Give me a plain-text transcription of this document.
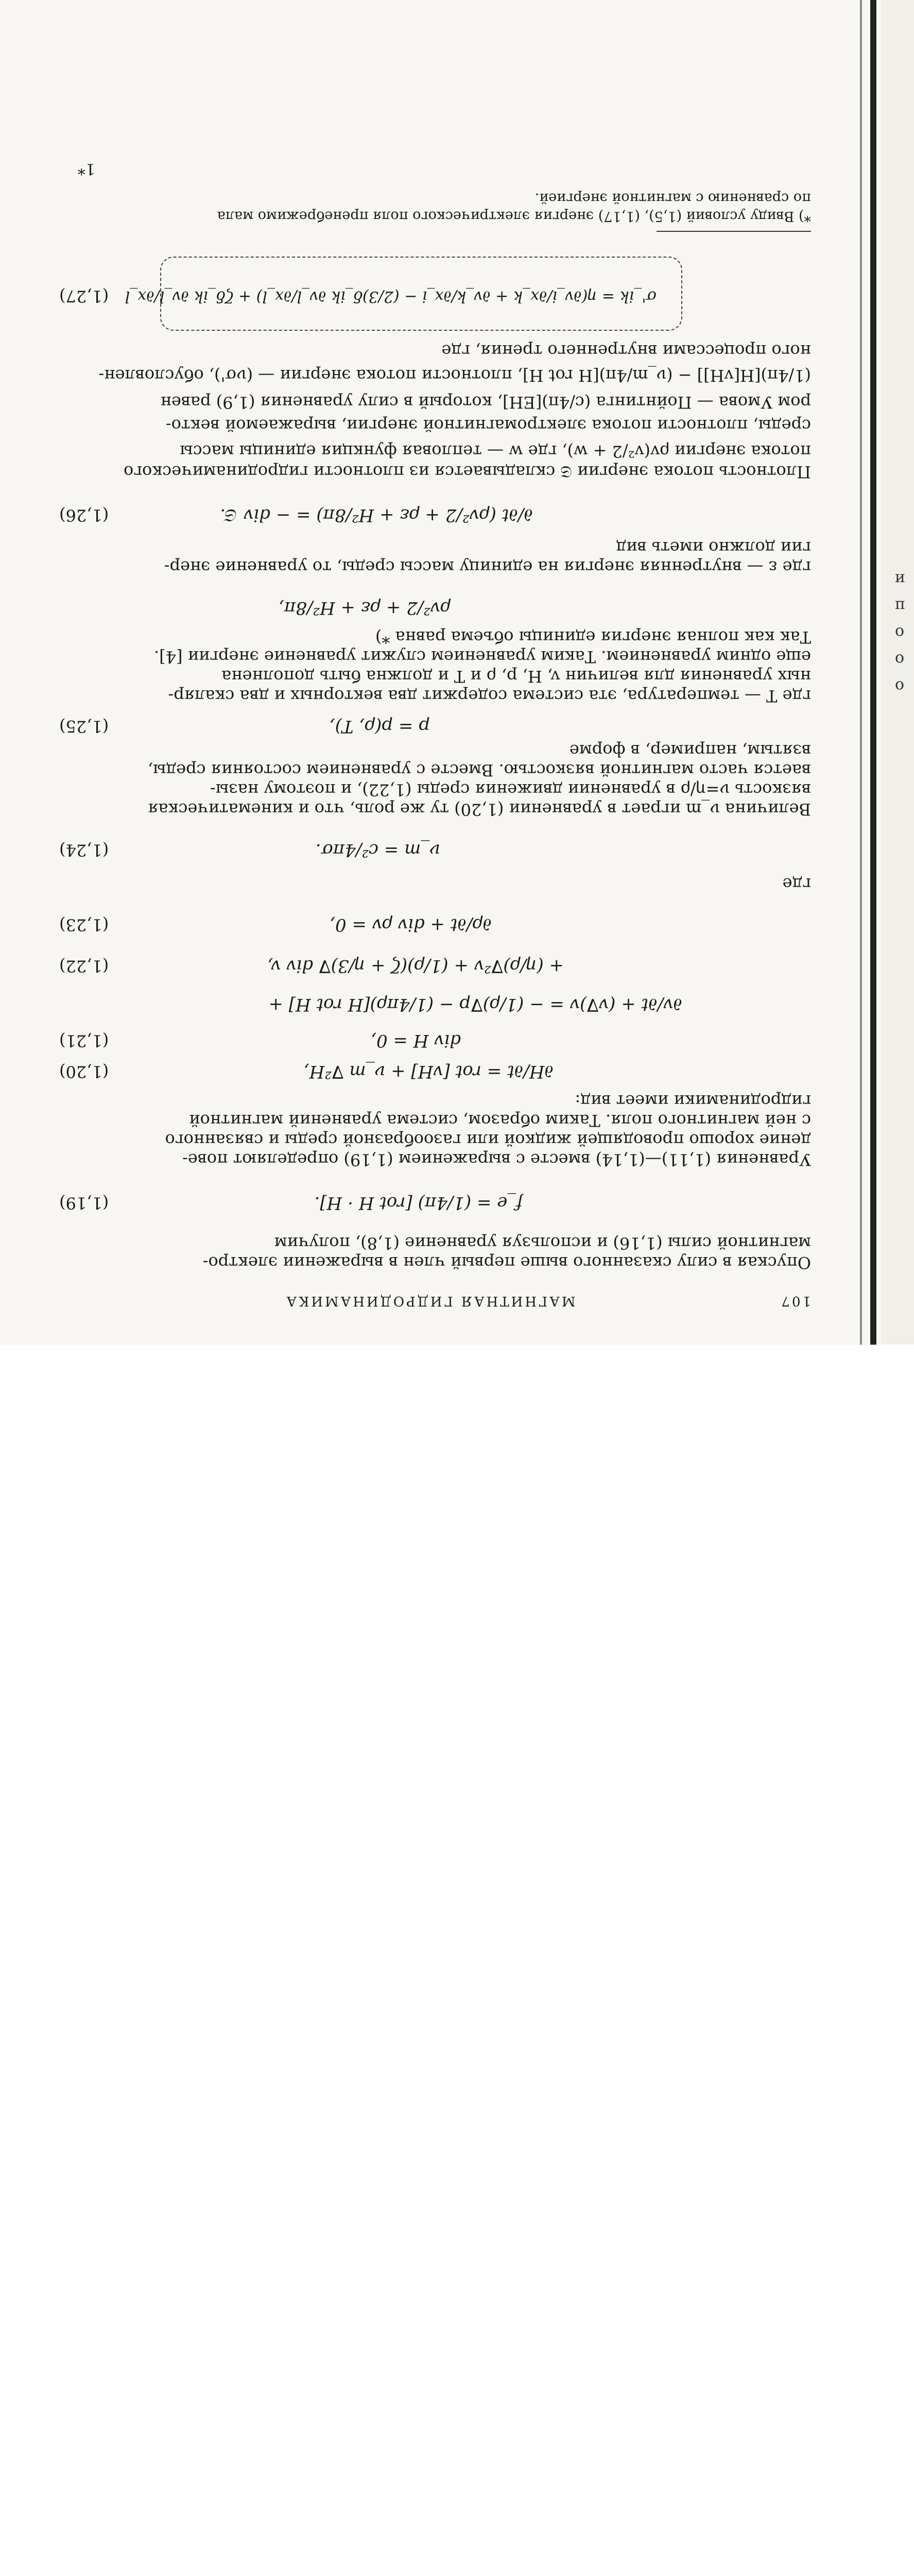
107
МАГНИТНАЯ ГИДРОДИНАМИКА
Опуская в силу сказанного выше первый член в выражении электро-
магнитной силы (1,16) и используя уравнение (1,8), получим
f_e = (1/4π) [rot H · H].
(1,19)
Уравнения (1,11)—(1,14) вместе с выражением (1,19) определяют пове-
дение хорошо проводящей жидкой или газообразной среды и связанного
с ней магнитного поля. Таким образом, система уравнений магнитной
гидродинамики имеет вид:
∂H/∂t = rot [vH] + ν_m ∇²H,
(1,20)
div H = 0,
(1,21)
∂v/∂t + (v∇)v = − (1/ρ)∇p − (1/4πρ)[H rot H] +
+ (η/ρ)∇²v + (1/ρ)(ζ + η/3)∇ div v,
(1,22)
∂ρ/∂t + div ρv = 0,
(1,23)
где
ν_m = c²/4πσ.
(1,24)
Величина ν_m играет в уравнении (1,20) ту же роль, что и кинематическая
вязкость ν=η/ρ в уравнении движения среды (1,22), и поэтому назы-
вается часто магнитной вязкостью. Вместе с уравнением состояния среды,
взятым, например, в форме
p = p(ρ, T),
(1,25)
где T — температура, эта система содержит два векторных и два скаляр-
ных уравнения для величин v, H, p, ρ и T и должна быть дополнена
еще одним уравнением. Таким уравнением служит уравнение энергии [4].
Так как полная энергия единицы объема равна *)
ρv²/2 + ρε + H²/8π,
где ε — внутренняя энергия на единицу массы среды, то уравнение энер-
гии должно иметь вид
∂/∂t (ρv²/2 + ρε + H²/8π) = − div 𝔖.
(1,26)
Плотность потока энергии 𝔖 складывается из плотности гидродинамического
потока энергии ρv(v²/2 + w), где w — тепловая функция единицы массы
среды, плотности потока электромагнитной энергии, выражаемой векто-
ром Умова — Пойнтинга (c/4π)[EH], который в силу уравнения (1,9) равен
(1/4π)[H[vH]] − (ν_m/4π)[H rot H], плотности потока энергии — (νσ'), обусловлен-
ного процессами внутреннего трения, где
σ'_ik = η(∂v_i/∂x_k + ∂v_k/∂x_i − (2/3)δ_ik ∂v_l/∂x_l) + ζδ_ik ∂v_l/∂x_l
(1,27)
*) Ввиду условий (1,5), (1,17) энергия электрического поля пренебрежимо мала
по сравнению с магнитной энергией.
1*
и
п
о
о
о
